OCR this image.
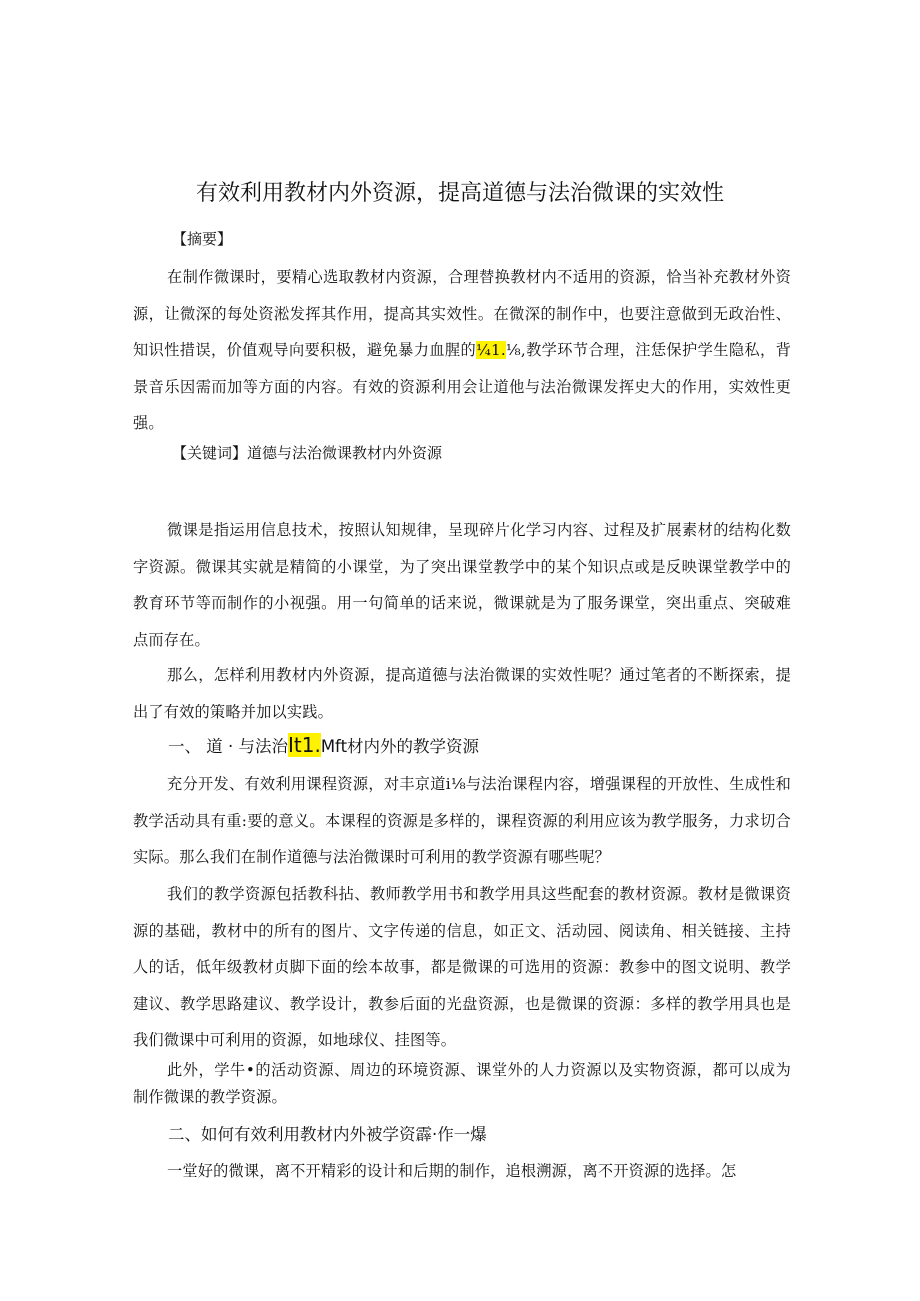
有效利用教材内外资源，提高道德与法治微课的实效性
【摘要】

在制作微课时，要精心选取教材内资源，合理替换教材内不适用的资源，恰当补充教材外资源，让微深的每处资淞发挥其作用，提高其实效性。在微深的制作中，也要注意做到无政治性、知识性措误，价值观导向要积极，避免暴力血腥的¼1.⅛,教学环节合理，注恁保护学生隐私，背景音乐因需而加等方面的内容。有效的资源利用会让道他与法治微课发挥史大的作用，实效性更强。

【关键词】道德与法治微课教材内外资源

微课是指运用信息技术，按照认知规律，呈现碎片化学习内容、过程及扩展素材的结构化数字资源。微课其实就是精简的小课堂，为了突出课堂教学中的某个知识点或是反映课堂教学中的教育环节等而制作的小视强。用一句简单的话来说，微课就是为了服务课堂，突出重点、突破难点而存在。

那么，怎样利用教材内外资源，提高道德与法治微课的实效性呢？通过笔者的不断探索，提出了有效的策略并加以实践。

一、 道 · 与法治It1.Mft材内外的教学资源

充分开发、有效利用课程资源，对丰京道i⅛与法治课程内容，增强课程的开放性、生成性和教学活动具有重:要的意义。本课程的资源是多样的，课程资源的利用应该为教学服务，力求切合实际。那么我们在制作道德与法治微课时可利用的教学资源有哪些呢？

我们的教学资源包括教科拈、教师教学用书和教学用具这些配套的教材资源。教材是微课资源的基础，教材中的所有的图片、文字传递的信息，如正文、活动园、阅读角、相关链接、主持人的话，低年级教材贞脚下面的绘本故事，都是微课的可选用的资源：教参中的图文说明、教学建议、教学思路建议、教学设计，教参后面的光盘资源，也是微课的资源：多样的教学用具也是我们微课中可利用的资源，如地球仪、挂图等。

此外，学牛•的活动资源、周边的环境资源、课堂外的人力资源以及实物资源，都可以成为制作微课的教学资源。

二、如何有效利用教材内外被学资霹·作一爆

一堂好的微课，离不开精彩的设计和后期的制作，追根溯源，离不开资源的选择。怎
